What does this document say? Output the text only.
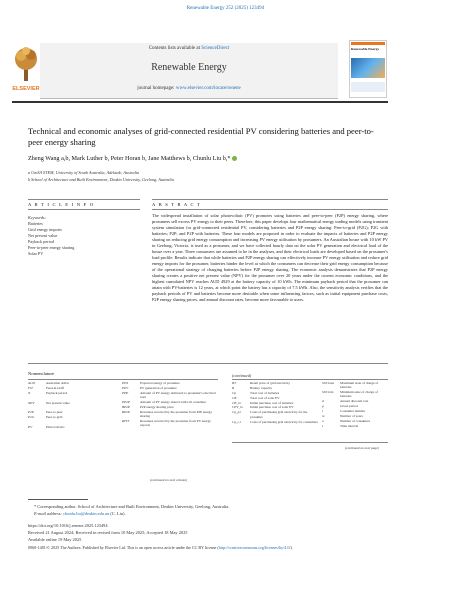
Renewable Energy 252 (2025) 123494
ELSEVIER
Contents lists available at ScienceDirect
Renewable Energy
journal homepage: www.elsevier.com/locate/renene
Renewable Energy
Technical and economic analyses of grid-connected residential PV considering batteries and peer-to-peer energy sharing
Zheng Wang a,b, Mark Luther b, Peter Horan b, Jane Matthews b, Chunlu Liu b,*
a UniSA STEM, University of South Australia, Adelaide, Australia
b School of Architecture and Built Environment, Deakin University, Geelong, Australia
A R T I C L E I N F O	A B S T R A C T
Keywords:
Batteries
Grid energy imports
Net present value
Payback period
Peer-to-peer energy sharing
Solar PV
The widespread installation of solar photovoltaic (PV) promotes using batteries and peer-to-peer (P2P) energy sharing, where prosumers sell excess PV energy to their peers. Therefore, this paper develops four mathematical energy trading models using transient system simulation for grid-connected residential PV, considering batteries and P2P energy sharing: Peer-to-grid (P2G); P2G with batteries; P2P; and P2P with batteries. These four models are proposed in order to evaluate the impacts of batteries and P2P energy sharing on reducing grid energy consumption and increasing PV energy utilisation by prosumers. An Australian house with 10 kW PV in Geelong, Victoria, is used as a prosumer, and we have collected hourly data on the solar PV generation and electrical load of the house over a year. Three consumers are assumed to be in the analyses, and their electrical loads are developed based on the prosumer's load profile. Results indicate that while batteries and P2P energy sharing can effectively increase PV energy utilisation and reduce grid energy imports for the prosumer, batteries hinder the level at which the consumers can decrease their grid energy consumption because of the operational strategy of charging batteries before P2P energy sharing. The economic analysis demonstrates that P2P energy sharing creates a positive net present value (NPV) for the prosumer over 20 years under the current economic conditions, and the highest cumulated NPV reaches AUD 4929 at the battery capacity of 10 kWh. The minimum payback period that the prosumer can attain with PV-batteries is 12 years, at which point the battery has a capacity of 7.5 kWh. Also, the sensitivity analysis verifies that the payback periods of PV and batteries become more desirable when some influencing factors, such as initial equipment purchase costs, P2P energy sharing prices, and annual discount rates, become more favourable to users.
Nomenclature
AUD	Australian dollar
FiT	Feed-in tariff
N	Payback period
NPV	Net present value
P2P	Peer-to-peer
P2G	Peer-to-grid
PV	Photovoltaics
EEX	Exported energy of prosumer
EPV	PV generation of prosumer
EPP	Amount of PV energy delivered to prosumer's electrical load
EP2P	Amount of PV energy shared with i-th consumer
BP2P	P2P energy sharing price
RP2P	Revenues received by the prosumer from P2P energy sharing
RFIT	Revenues received by the prosumer from PV energy exports
(continued on next column)
(continued)
BT	Retail price of grid electricity
B	Battery capacity
Cp	Total cost of batteries
CB	Total cost of solar PV
CB_in	Initial purchase cost of batteries
CPV_in	Initial purchase cost of solar PV
Cg_p,t	Costs of purchasing grid electricity for the prosumer
Cg_c,t	Costs of purchasing grid electricity for consumers
SOCmax	Maximum state of charge of batteries
SOCmin	Minimum state of charge of batteries
d	Annual discount rate
g	Given period
i	Consumer number
m	Number of years
n	Number of consumers
t	Time interval
(continued on next page)
* Corresponding author. School of Architecture and Built Environment, Deakin University, Geelong, Australia.
E-mail address: chunlu.liu@deakin.edu.au (C. Liu).
https://doi.org/10.1016/j.renene.2025.123494
Received 21 August 2024; Received in revised form 10 May 2025; Accepted 18 May 2025
Available online 19 May 2025
0960-1481/© 2025 The Authors. Published by Elsevier Ltd. This is an open access article under the CC BY license (http://creativecommons.org/licenses/by/4.0/).
